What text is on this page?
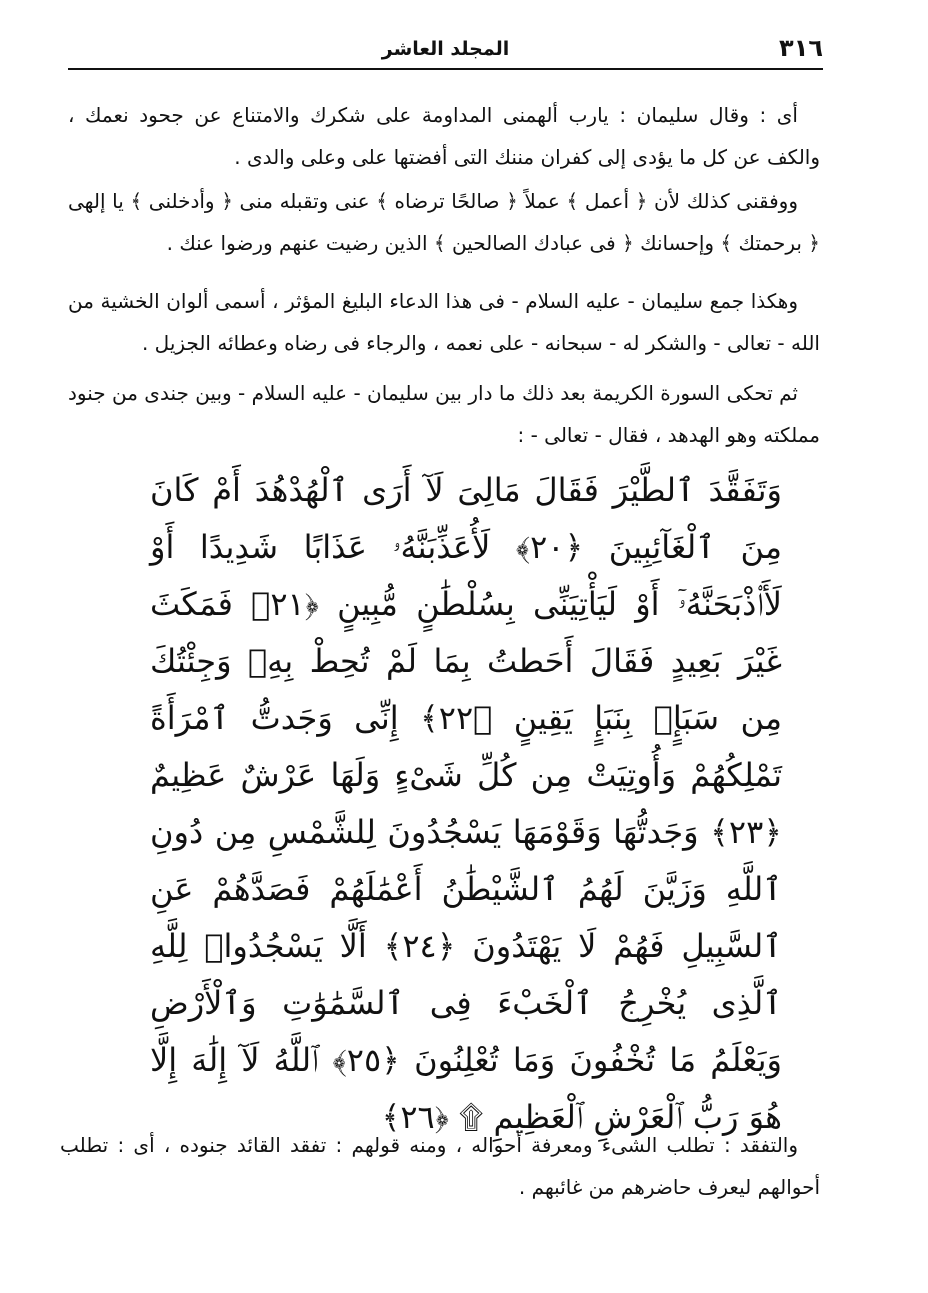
٣١٦
المجلد العاشر

أى : وقال سليمان : يارب ألهمنى المداومة على شكرك والامتناع عن جحود نعمك ، والكف عن كل ما يؤدى إلى كفران مننك التى أفضتها على وعلى والدى .

ووفقنى كذلك لأن ﴿ أعمل ﴾ عملاً ﴿ صالحًا ترضاه ﴾ عنى وتقبله منى ﴿ وأدخلنى ﴾ يا إلهى ﴿ برحمتك ﴾ وإحسانك ﴿ فى عبادك الصالحين ﴾ الذين رضيت عنهم ورضوا عنك .

وهكذا جمع سليمان - عليه السلام - فى هذا الدعاء البليغ المؤثر ، أسمى ألوان الخشية من الله - تعالى - والشكر له - سبحانه - على نعمه ، والرجاء فى رضاه وعطائه الجزيل .

ثم تحكى السورة الكريمة بعد ذلك ما دار بين سليمان - عليه السلام - وبين جندى من جنود مملكته وهو الهدهد ، فقال - تعالى - :

وَتَفَقَّدَ ٱلطَّيْرَ فَقَالَ مَالِىَ لَآ أَرَى ٱلْهُدْهُدَ أَمْ كَانَ مِنَ ٱلْغَآئِبِينَ ﴿٢٠﴾ لَأُعَذِّبَنَّهُۥ عَذَابًا شَدِيدًا أَوْ لَأَا۟ذْبَحَنَّهُۥٓ أَوْ لَيَأْتِيَنِّى بِسُلْطَٰنٍ مُّبِينٍ ﴿٢١﴾ فَمَكَثَ غَيْرَ بَعِيدٍ فَقَالَ أَحَطتُ بِمَا لَمْ تُحِطْ بِهِۦ وَجِئْتُكَ مِن سَبَإٍۭ بِنَبَإٍ يَقِينٍ ﴿٢٢﴾ إِنِّى وَجَدتُّ ٱمْرَأَةً تَمْلِكُهُمْ وَأُوتِيَتْ مِن كُلِّ شَىْءٍ وَلَهَا عَرْشٌ عَظِيمٌ ﴿٢٣﴾ وَجَدتُّهَا وَقَوْمَهَا يَسْجُدُونَ لِلشَّمْسِ مِن دُونِ ٱللَّهِ وَزَيَّنَ لَهُمُ ٱلشَّيْطَٰنُ أَعْمَٰلَهُمْ فَصَدَّهُمْ عَنِ ٱلسَّبِيلِ فَهُمْ لَا يَهْتَدُونَ ﴿٢٤﴾ أَلَّا يَسْجُدُوا۟ لِلَّهِ ٱلَّذِى يُخْرِجُ ٱلْخَبْءَ فِى ٱلسَّمَٰوَٰتِ وَٱلْأَرْضِ وَيَعْلَمُ مَا تُخْفُونَ وَمَا تُعْلِنُونَ ﴿٢٥﴾ ٱللَّهُ لَآ إِلَٰهَ إِلَّا هُوَ رَبُّ ٱلْعَرْشِ ٱلْعَظِيمِ ۩ ﴿٢٦﴾

والتفقد : تطلب الشىء ومعرفة أحواله ، ومنه قولهم : تفقد القائد جنوده ، أى : تطلب أحوالهم ليعرف حاضرهم من غائبهم .
